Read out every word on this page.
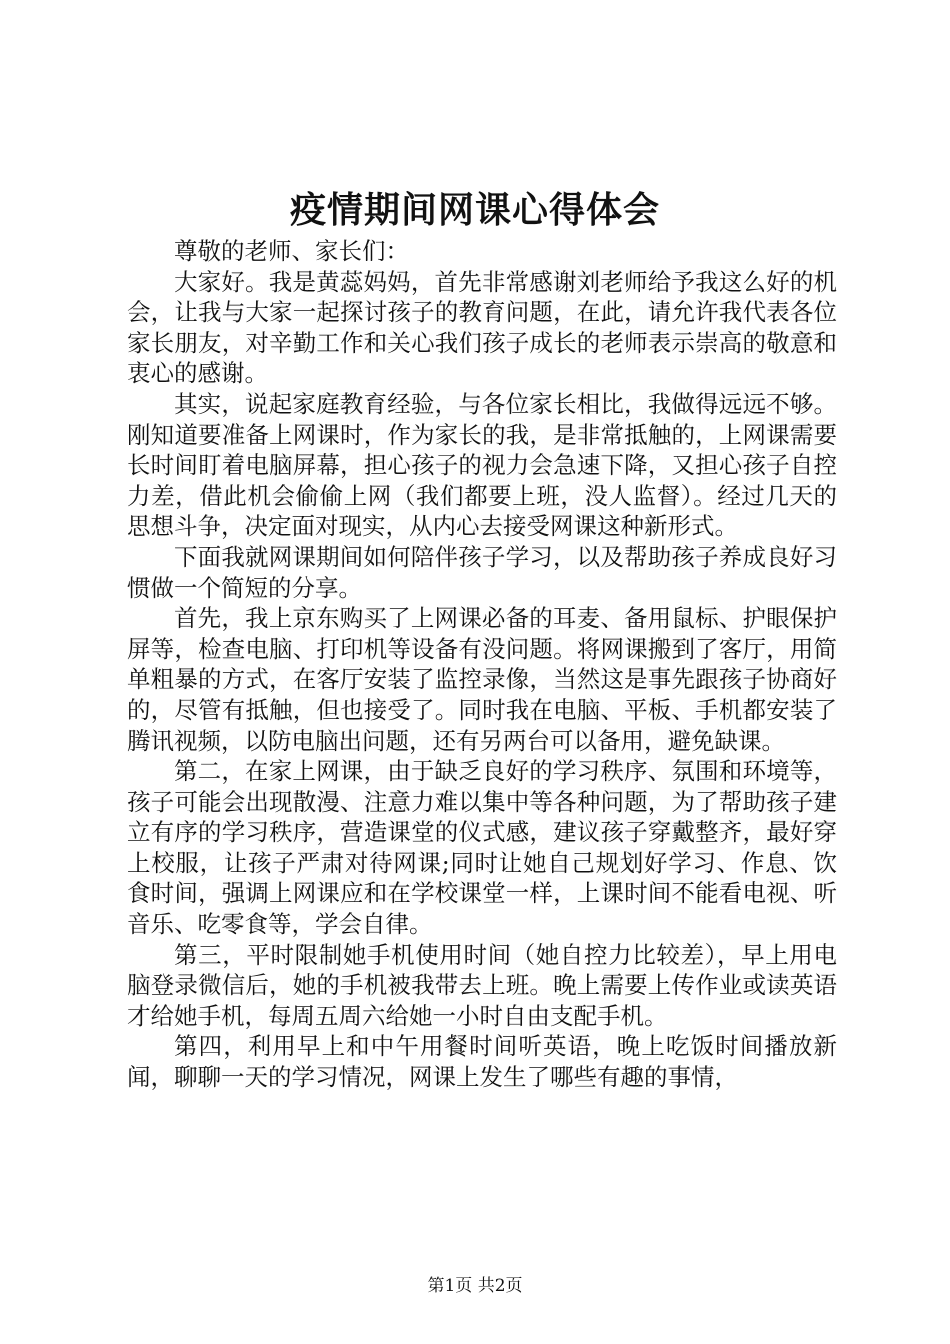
疫情期间网课心得体会

尊敬的老师、家长们：

大家好。我是黄蕊妈妈，首先非常感谢刘老师给予我这么好的机会，让我与大家一起探讨孩子的教育问题，在此，请允许我代表各位家长朋友，对辛勤工作和关心我们孩子成长的老师表示崇高的敬意和衷心的感谢。

其实，说起家庭教育经验，与各位家长相比，我做得远远不够。刚知道要准备上网课时，作为家长的我，是非常抵触的，上网课需要长时间盯着电脑屏幕，担心孩子的视力会急速下降，又担心孩子自控力差，借此机会偷偷上网（我们都要上班，没人监督）。经过几天的思想斗争，决定面对现实，从内心去接受网课这种新形式。

下面我就网课期间如何陪伴孩子学习，以及帮助孩子养成良好习惯做一个简短的分享。

首先，我上京东购买了上网课必备的耳麦、备用鼠标、护眼保护屏等，检查电脑、打印机等设备有没问题。将网课搬到了客厅，用简单粗暴的方式，在客厅安装了监控录像，当然这是事先跟孩子协商好的，尽管有抵触，但也接受了。同时我在电脑、平板、手机都安装了腾讯视频，以防电脑出问题，还有另两台可以备用，避免缺课。

第二，在家上网课，由于缺乏良好的学习秩序、氛围和环境等，孩子可能会出现散漫、注意力难以集中等各种问题，为了帮助孩子建立有序的学习秩序，营造课堂的仪式感，建议孩子穿戴整齐，最好穿上校服，让孩子严肃对待网课;同时让她自己规划好学习、作息、饮食时间，强调上网课应和在学校课堂一样，上课时间不能看电视、听音乐、吃零食等，学会自律。

第三，平时限制她手机使用时间（她自控力比较差），早上用电脑登录微信后，她的手机被我带去上班。晚上需要上传作业或读英语才给她手机，每周五周六给她一小时自由支配手机。

第四，利用早上和中午用餐时间听英语，晚上吃饭时间播放新闻，聊聊一天的学习情况，网课上发生了哪些有趣的事情，

第1页 共2页
